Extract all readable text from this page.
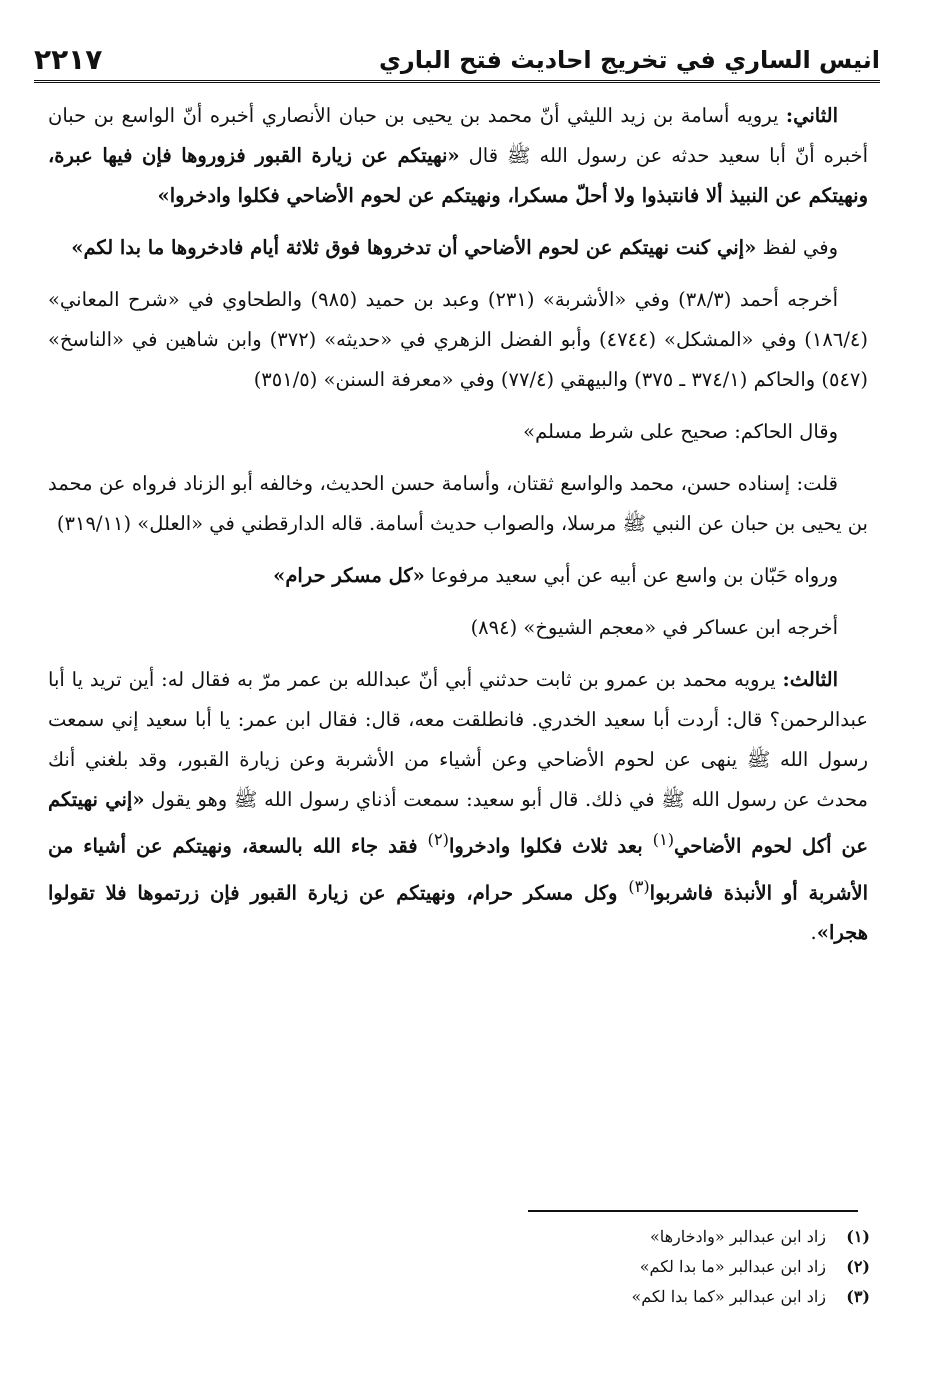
انيس الساري في تخريج احاديث فتح الباري
٢٢١٧

الثاني: يرويه أسامة بن زيد الليثي أنّ محمد بن يحيى بن حبان الأنصاري أخبره أنّ الواسع بن حبان أخبره أنّ أبا سعيد حدثه عن رسول الله ﷺ قال «نهيتكم عن زيارة القبور فزوروها فإن فيها عبرة، ونهيتكم عن النبيذ ألا فانتبذوا ولا أحلّ مسكرا، ونهيتكم عن لحوم الأضاحي فكلوا وادخروا»

وفي لفظ «إني كنت نهيتكم عن لحوم الأضاحي أن تدخروها فوق ثلاثة أيام فادخروها ما بدا لكم»

أخرجه أحمد (٣٨/٣) وفي «الأشربة» (٢٣١) وعبد بن حميد (٩٨٥) والطحاوي في «شرح المعاني» (١٨٦/٤) وفي «المشكل» (٤٧٤٤) وأبو الفضل الزهري في «حديثه» (٣٧٢) وابن شاهين في «الناسخ» (٥٤٧) والحاكم (٣٧٤/١ ـ ٣٧٥) والبيهقي (٧٧/٤) وفي «معرفة السنن» (٣٥١/٥)

وقال الحاكم: صحيح على شرط مسلم»

قلت: إسناده حسن، محمد والواسع ثقتان، وأسامة حسن الحديث، وخالفه أبو الزناد فرواه عن محمد بن يحيى بن حبان عن النبي ﷺ مرسلا، والصواب حديث أسامة. قاله الدارقطني في «العلل» (٣١٩/١١)

ورواه حَبّان بن واسع عن أبيه عن أبي سعيد مرفوعا «كل مسكر حرام»

أخرجه ابن عساكر في «معجم الشيوخ» (٨٩٤)

الثالث: يرويه محمد بن عمرو بن ثابت حدثني أبي أنّ عبدالله بن عمر مرّ به فقال له: أين تريد يا أبا عبدالرحمن؟ قال: أردت أبا سعيد الخدري. فانطلقت معه، قال: فقال ابن عمر: يا أبا سعيد إني سمعت رسول الله ﷺ ينهى عن لحوم الأضاحي وعن أشياء من الأشربة وعن زيارة القبور، وقد بلغني أنك محدث عن رسول الله ﷺ في ذلك. قال أبو سعيد: سمعت أذناي رسول الله ﷺ وهو يقول «إني نهيتكم عن أكل لحوم الأضاحي$^{(١)}$ بعد ثلاث فكلوا وادخروا$^{(٢)}$ فقد جاء الله بالسعة، ونهيتكم عن أشياء من الأشربة أو الأنبذة فاشربوا$^{(٣)}$ وكل مسكر حرام، ونهيتكم عن زيارة القبور فإن زرتموها فلا تقولوا هجرا».

(١)زاد ابن عبدالبر «وادخارها»
(٢)زاد ابن عبدالبر «ما بدا لكم»
(٣)زاد ابن عبدالبر «كما بدا لكم»
